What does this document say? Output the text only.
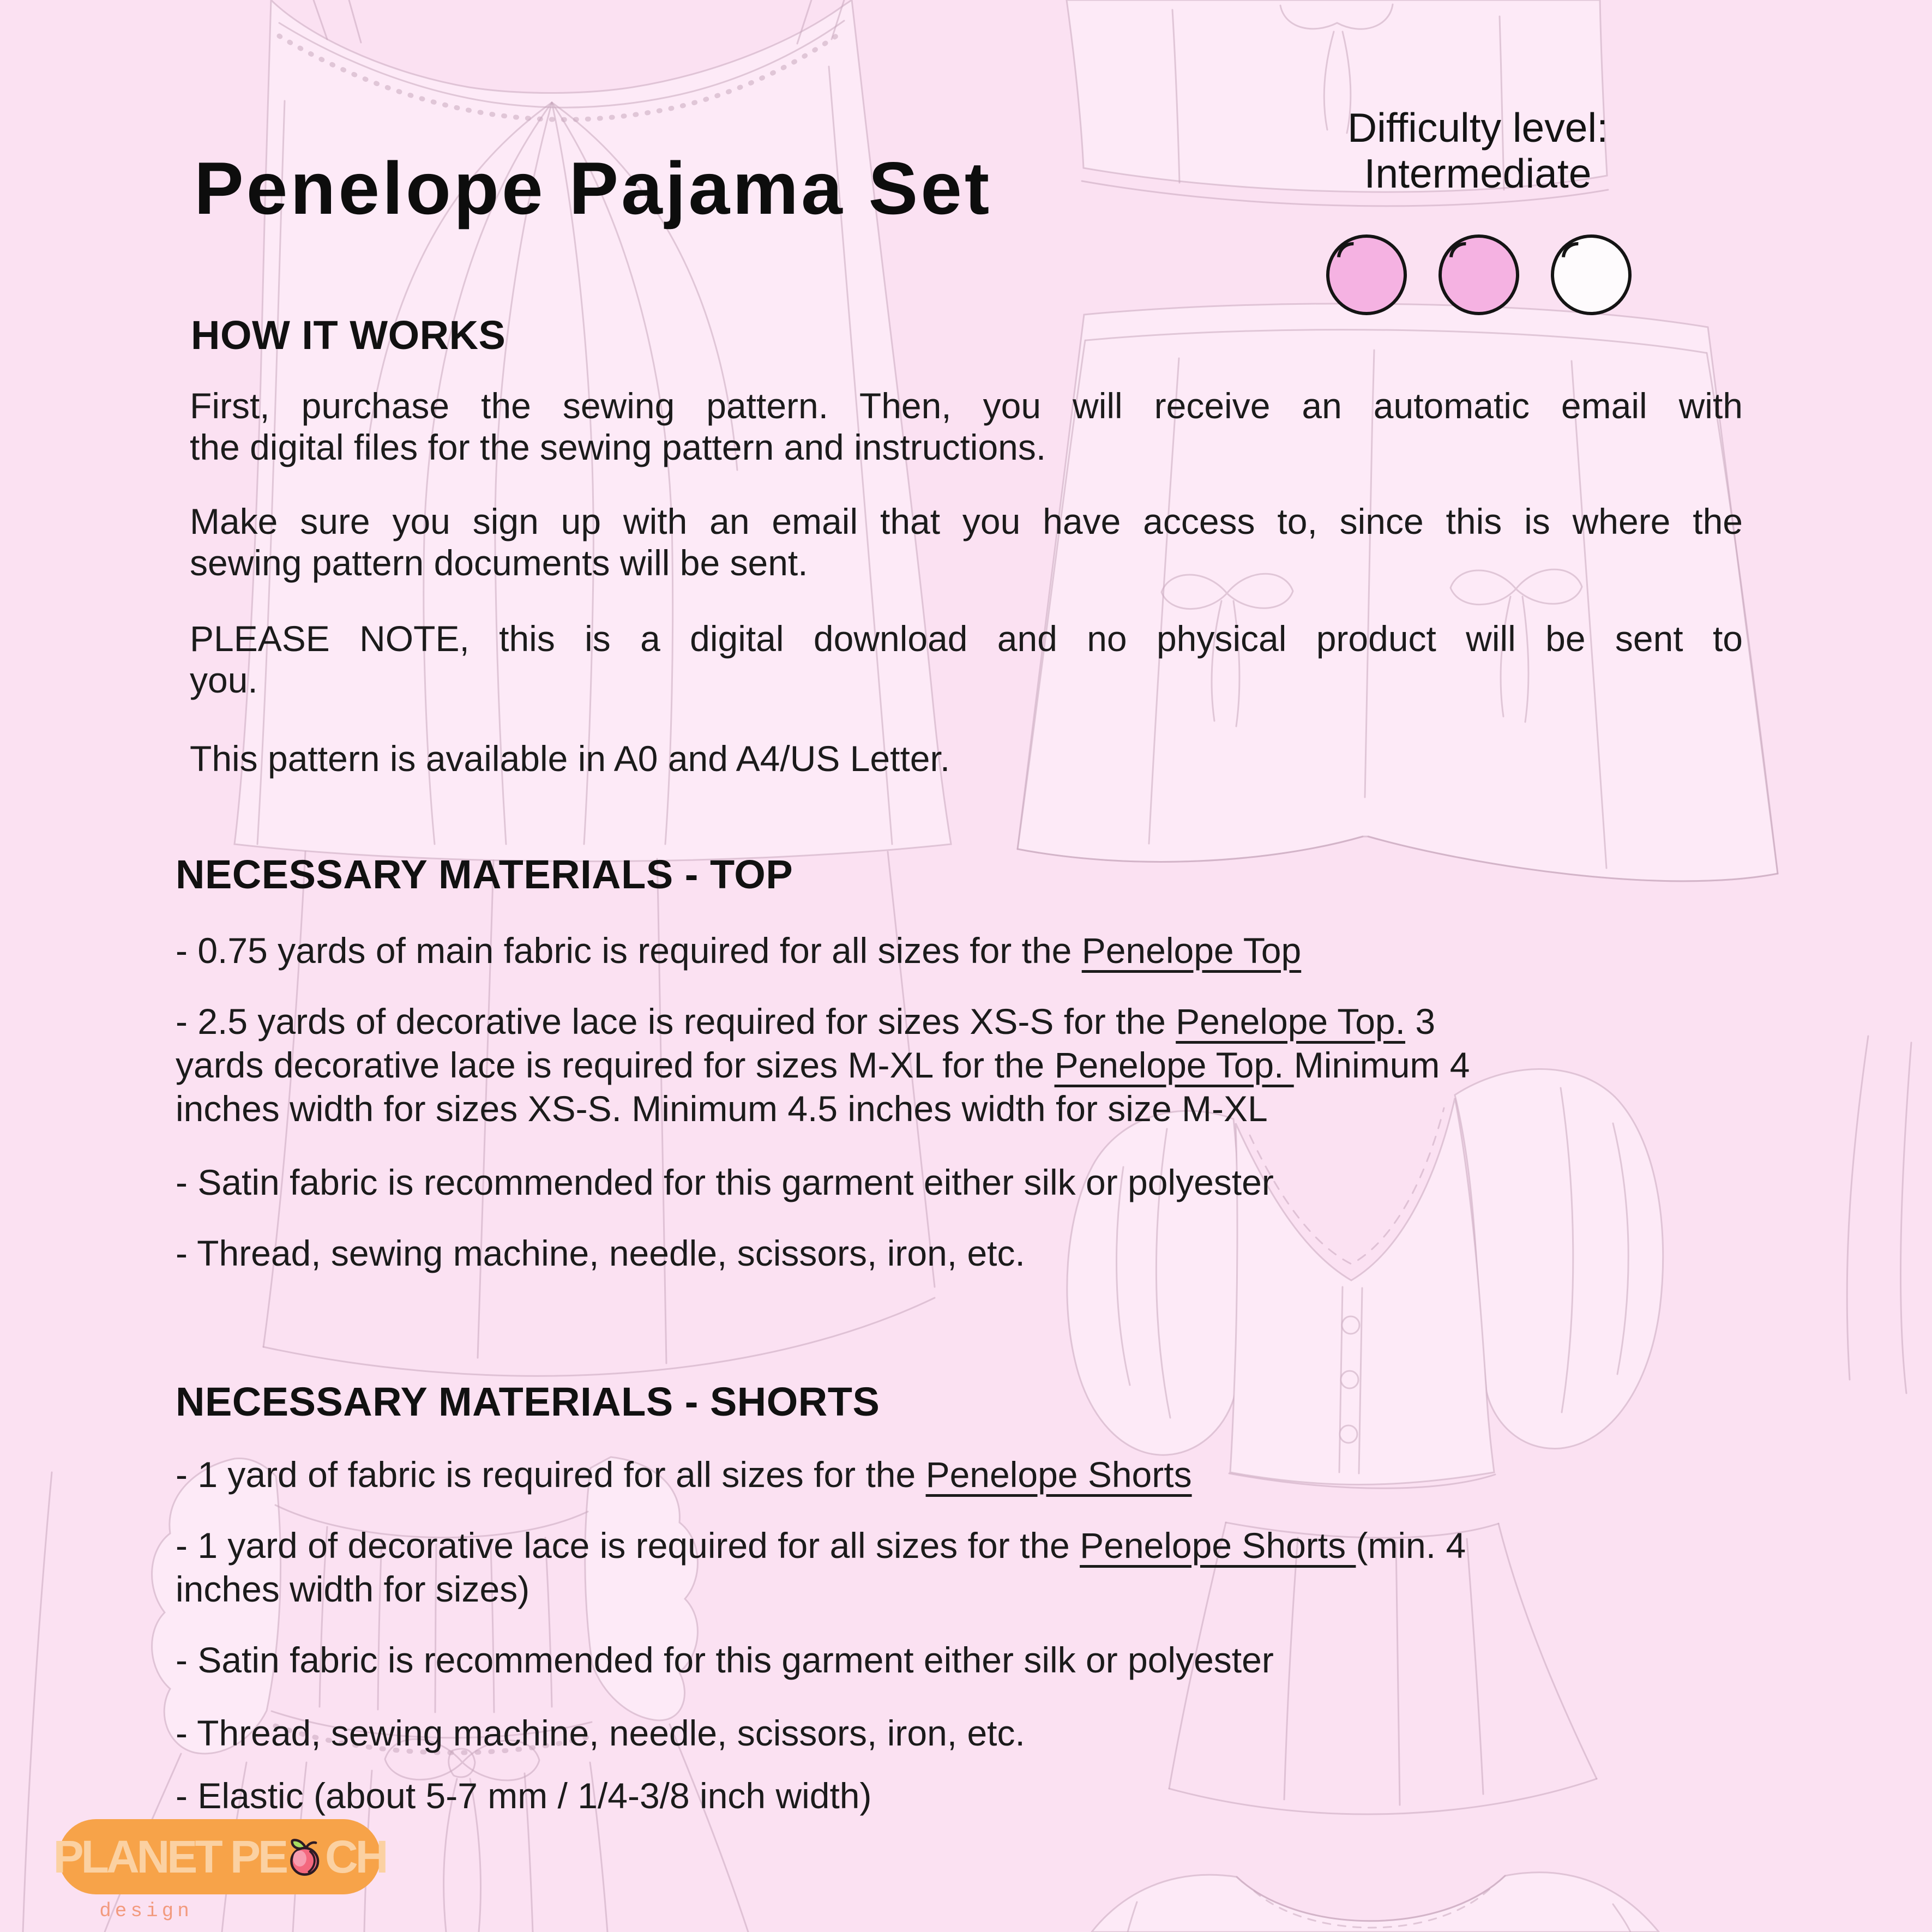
Penelope Pajama Set
Difficulty level:
Intermediate
HOW IT WORKS
First, purchase the sewing pattern. Then, you will receive an automatic email with
the digital files for the sewing pattern and instructions.
Make sure you sign up with an email that you have access to, since this is where the
sewing pattern documents will be sent.
PLEASE NOTE, this is a digital download and no physical product will be sent to
you.
This pattern is available in A0 and A4/US Letter.
NECESSARY MATERIALS - TOP
- 0.75 yards of main fabric is required for all sizes for the Penelope Top
- 2.5 yards of decorative lace is required for sizes XS-S for the Penelope Top. 3
yards decorative lace is required for sizes M-XL for the Penelope Top. Minimum 4
inches width for sizes XS-S. Minimum 4.5 inches width for size M-XL
- Satin fabric is recommended for this garment either silk or polyester
- Thread, sewing machine, needle, scissors, iron, etc.
NECESSARY MATERIALS - SHORTS
- 1 yard of fabric is required for all sizes for the Penelope Shorts
- 1 yard of decorative lace is required for all sizes for the Penelope Shorts (min. 4
inches width for sizes)
- Satin fabric is recommended for this garment either silk or polyester
- Thread, sewing machine, needle, scissors, iron, etc.
- Elastic (about 5-7 mm / 1/4-3/8 inch width)
PLANET PE CH
design
